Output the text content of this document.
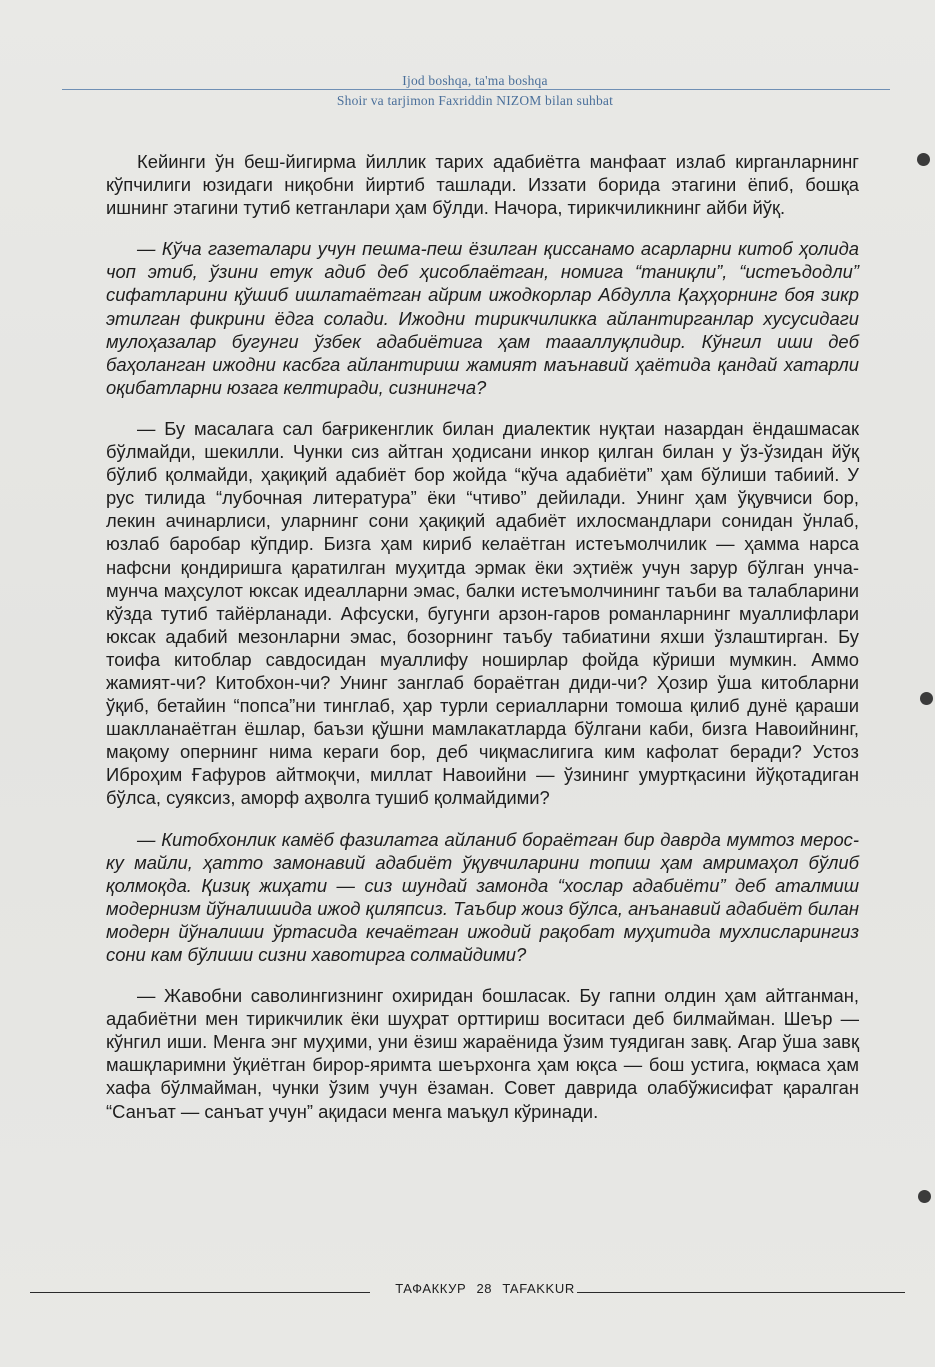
Ijod boshqa, ta'ma boshqa
Shoir va tarjimon Faxriddin NIZOM bilan suhbat

Кейинги ўн беш-йигирма йиллик тарих адабиётга манфаат излаб кирганларнинг кўпчилиги юзидаги ниқобни йиртиб ташлади. Иззати борида этагини ёпиб, бошқа ишнинг этагини тутиб кетганлари ҳам бўлди. Начора, тирикчиликнинг айби йўқ.

— Кўча газеталари учун пешма-пеш ёзилган қиссанамо асарларни китоб ҳолида чоп этиб, ўзини етук адиб деб ҳисоблаётган, номига “таниқли”, “истеъдодли” сифатларини қўшиб ишлатаётган айрим ижодкорлар Абдулла Қаҳҳорнинг боя зикр этилган фикрини ёдга солади. Ижодни тирикчиликка айлантирганлар хусусидаги мулоҳазалар бугунги ўзбек адабиётига ҳам таааллуқлидир. Кўнгил иши деб баҳоланган ижодни касбга айлантириш жамият маънавий ҳаётида қандай хатарли оқибатларни юзага келтиради, сизнингча?

— Бу масалага сал бағрикенглик билан диалектик нуқтаи назардан ёндашмасак бўлмайди, шекилли. Чунки сиз айтган ҳодисани инкор қилган билан у ўз-ўзидан йўқ бўлиб қолмайди, ҳақиқий адабиёт бор жойда “кўча адабиёти” ҳам бўлиши табиий. У рус тилида “лубочная литература” ёки “чтиво” дейилади. Унинг ҳам ўқувчиси бор, лекин ачинарлиси, уларнинг сони ҳақиқий адабиёт ихлосмандлари сонидан ўнлаб, юзлаб баробар кўпдир. Бизга ҳам кириб келаётган истеъмолчилик — ҳамма нарса нафсни қондиришга қаратилган муҳитда эрмак ёки эҳтиёж учун зарур бўлган унча-мунча маҳсулот юксак идеалларни эмас, балки истеъмолчининг таъби ва талабларини кўзда тутиб тайёрланади. Афсуски, бугунги арзон-гаров романларнинг муаллифлари юксак адабий мезонларни эмас, бозорнинг таъбу табиатини яхши ўзлаштирган. Бу тоифа китоблар савдосидан муаллифу ноширлар фойда кўриши мумкин. Аммо жамият-чи? Китобхон-чи? Унинг занглаб бораётган диди-чи? Ҳозир ўша китобларни ўқиб, бетайин “попса”ни тинглаб, ҳар турли сериалларни томоша қилиб дунё қараши шаклланаётган ёшлар, баъзи қўшни мамлакатларда бўлгани каби, бизга Навоийнинг, мақому опернинг нима кераги бор, деб чиқмаслигига ким кафолат беради? Устоз Иброҳим Ғафуров айтмоқчи, миллат Навоийни — ўзининг умуртқасини йўқотадиган бўлса, суяксиз, аморф аҳволга тушиб қолмайдими?

— Китобхонлик камёб фазилатга айланиб бораётган бир даврда мумтоз мерос-ку майли, ҳатто замонавий адабиёт ўқувчиларини топиш ҳам амримаҳол бўлиб қолмоқда. Қизиқ жиҳати — сиз шундай замонда “хослар адабиёти” деб аталмиш модернизм йўналишида ижод қиляпсиз. Таъбир жоиз бўлса, анъанавий адабиёт билан модерн йўналиши ўртасида кечаётган ижодий рақобат муҳитида мухлисларингиз сони кам бўлиши сизни хавотирга солмайдими?

— Жавобни саволингизнинг охиридан бошласак. Бу гапни олдин ҳам айтганман, адабиётни мен тирикчилик ёки шуҳрат орттириш воситаси деб билмайман. Шеър — кўнгил иши. Менга энг муҳими, уни ёзиш жараёнида ўзим туядиган завқ. Агар ўша завқ машқларимни ўқиётган бирор-яримта шеърхонга ҳам юқса — бош устига, юқмаса ҳам хафа бўлмайман, чунки ўзим учун ёзаман. Совет даврида олабўжисифат қаралган “Санъат — санъат учун” ақидаси менга маъқул кўринади.

ТАФАККУР 28 TAFAKKUR
